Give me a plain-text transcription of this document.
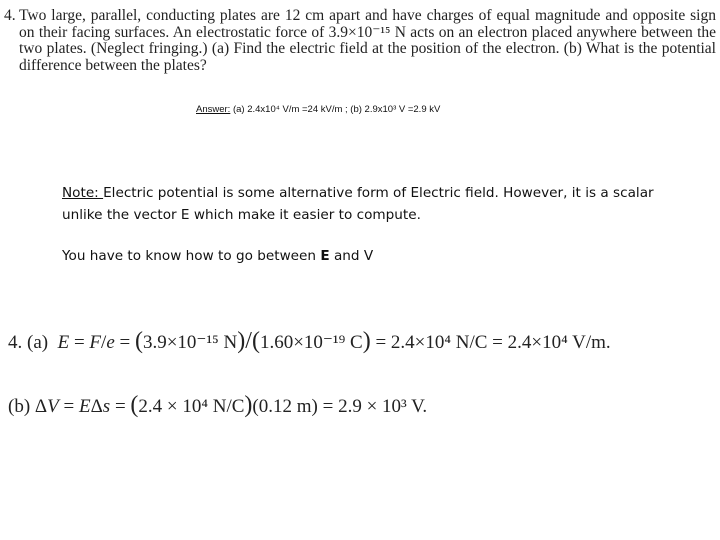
4. Two large, parallel, conducting plates are 12 cm apart and have charges of equal magnitude and opposite sign on their facing surfaces. An electrostatic force of 3.9×10⁻¹⁵ N acts on an electron placed anywhere between the two plates. (Neglect fringing.) (a) Find the electric field at the position of the electron. (b) What is the potential difference between the plates?
Answer: (a) 2.4x10⁴ V/m =24 kV/m ; (b) 2.9x10³ V =2.9 kV
Note: Electric potential is some alternative form of Electric field. However, it is a scalar unlike the vector E which make it easier to compute.
You have to know how to go between E and V
4. (a) E = F/e = (3.9×10⁻¹⁵ N)/(1.60×10⁻¹⁹ C) = 2.4×10⁴ N/C = 2.4×10⁴ V/m.
(b) ΔV = EΔs = (2.4 × 10⁴ N/C)(0.12 m) = 2.9 × 10³ V.
